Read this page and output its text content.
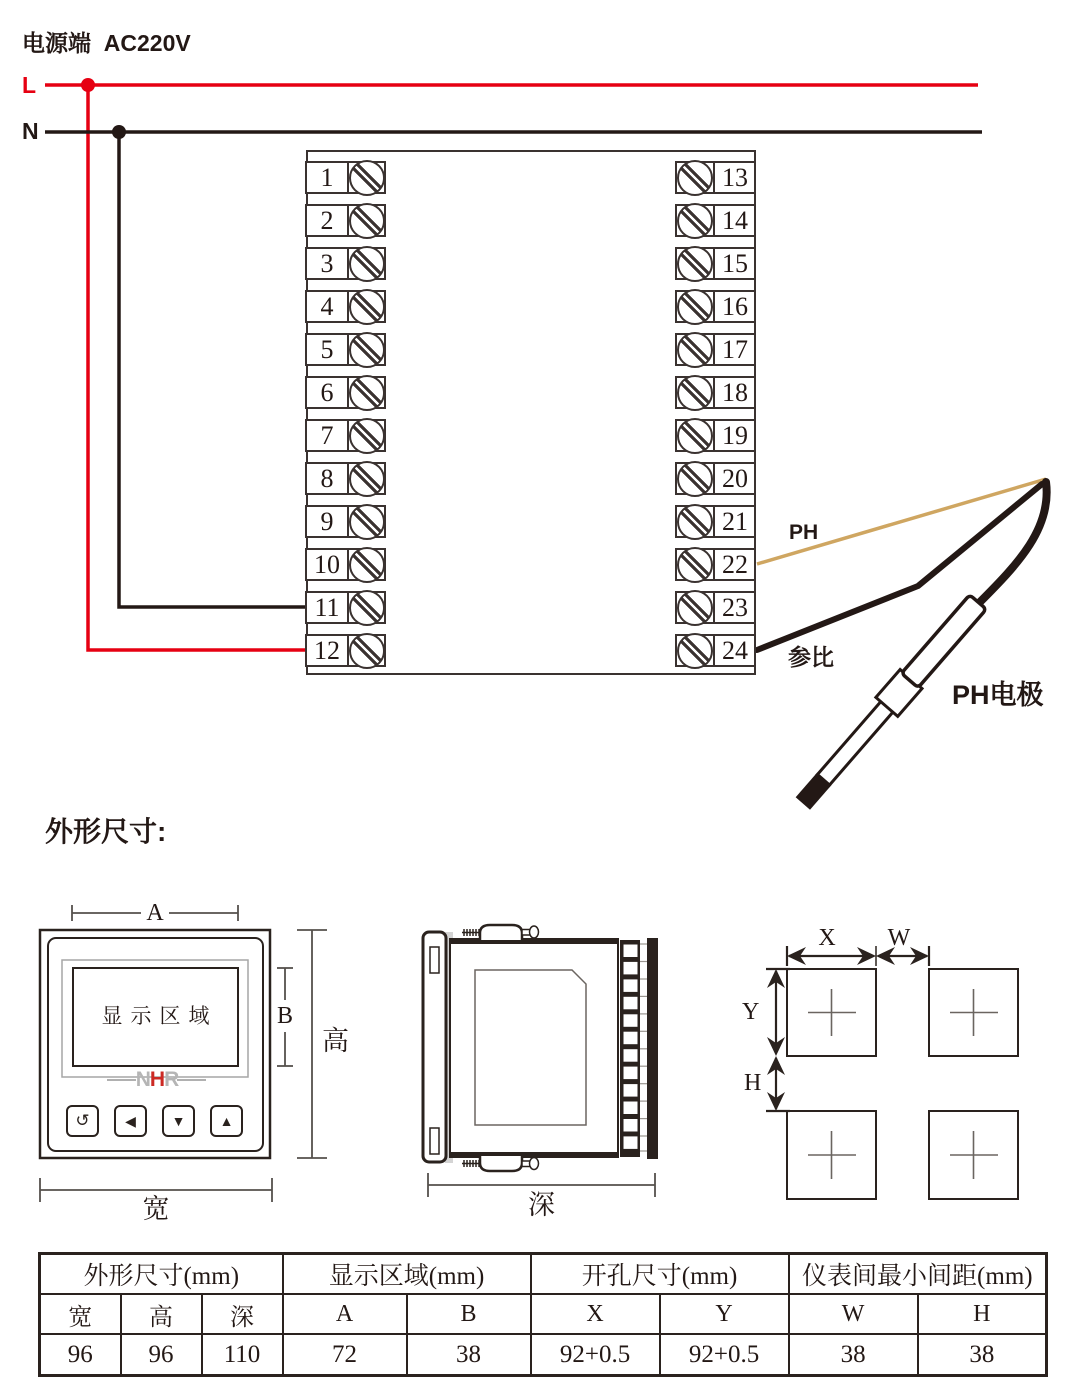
1
2
3
4
5
6
7
8
9
10
11
12
13
14
15
16
17
18
19
20
21
22
23
24
电源端  AC220V
L
N
PH
参比
PH电极
外形尺寸:
A
B
高
宽
显示区域
NHR
↺	◀	▼	▲
深
X W
Y
H
外形尺寸(mm)			显示区域(mm)		开孔尺寸(mm)		仪表间最小间距(mm)	
宽	高	深	A	B	X	Y	W	H
96	96	110	72	38	92+0.5	92+0.5	38	38
